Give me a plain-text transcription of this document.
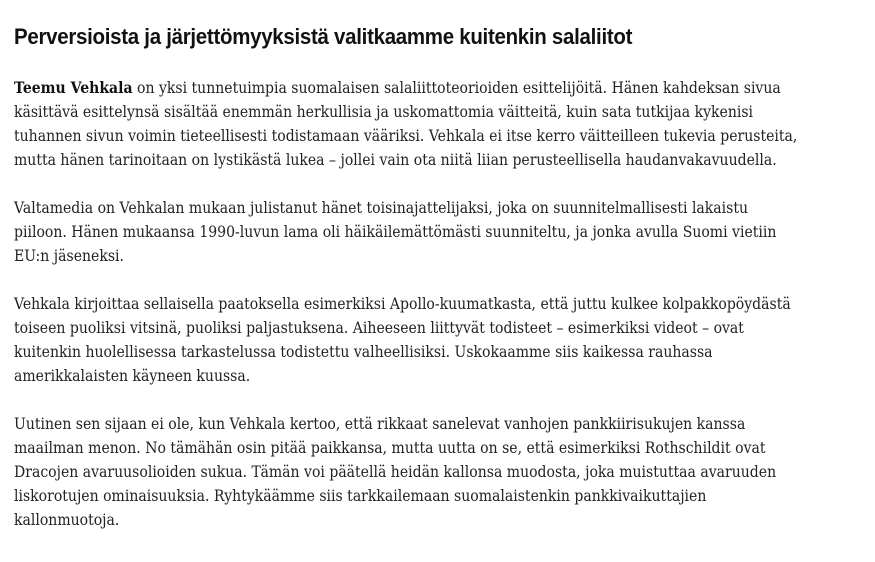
Perversioista ja järjettömyyksistä valitkaamme kuitenkin salaliitot

Teemu Vehkala on yksi tunnetuimpia suomalaisen salaliittoteorioiden esittelijöitä. Hänen kahdeksan sivua
käsittävä esittelynsä sisältää enemmän herkullisia ja uskomattomia väitteitä, kuin sata tutkijaa kykenisi
tuhannen sivun voimin tieteellisesti todistamaan vääriksi. Vehkala ei itse kerro väitteilleen tukevia perusteita,
mutta hänen tarinoitaan on lystikästä lukea – jollei vain ota niitä liian perusteellisella haudanvakavuudella.

Valtamedia on Vehkalan mukaan julistanut hänet toisinajattelijaksi, joka on suunnitelmallisesti lakaistu
piiloon. Hänen mukaansa 1990-luvun lama oli häikäilemättömästi suunniteltu, ja jonka avulla Suomi vietiin
EU:n jäseneksi.

Vehkala kirjoittaa sellaisella paatoksella esimerkiksi Apollo-kuumatkasta, että juttu kulkee kolpakkopöydästä
toiseen puoliksi vitsinä, puoliksi paljastuksena. Aiheeseen liittyvät todisteet – esimerkiksi videot – ovat
kuitenkin huolellisessa tarkastelussa todistettu valheellisiksi. Uskokaamme siis kaikessa rauhassa
amerikkalaisten käyneen kuussa.

Uutinen sen sijaan ei ole, kun Vehkala kertoo, että rikkaat sanelevat vanhojen pankkiirisukujen kanssa
maailman menon. No tämähän osin pitää paikkansa, mutta uutta on se, että esimerkiksi Rothschildit ovat
Dracojen avaruusolioiden sukua. Tämän voi päätellä heidän kallonsa muodosta, joka muistuttaa avaruuden
liskorotujen ominaisuuksia. Ryhtykäämme siis tarkkailemaan suomalaistenkin pankkivaikuttajien
kallonmuotoja.
